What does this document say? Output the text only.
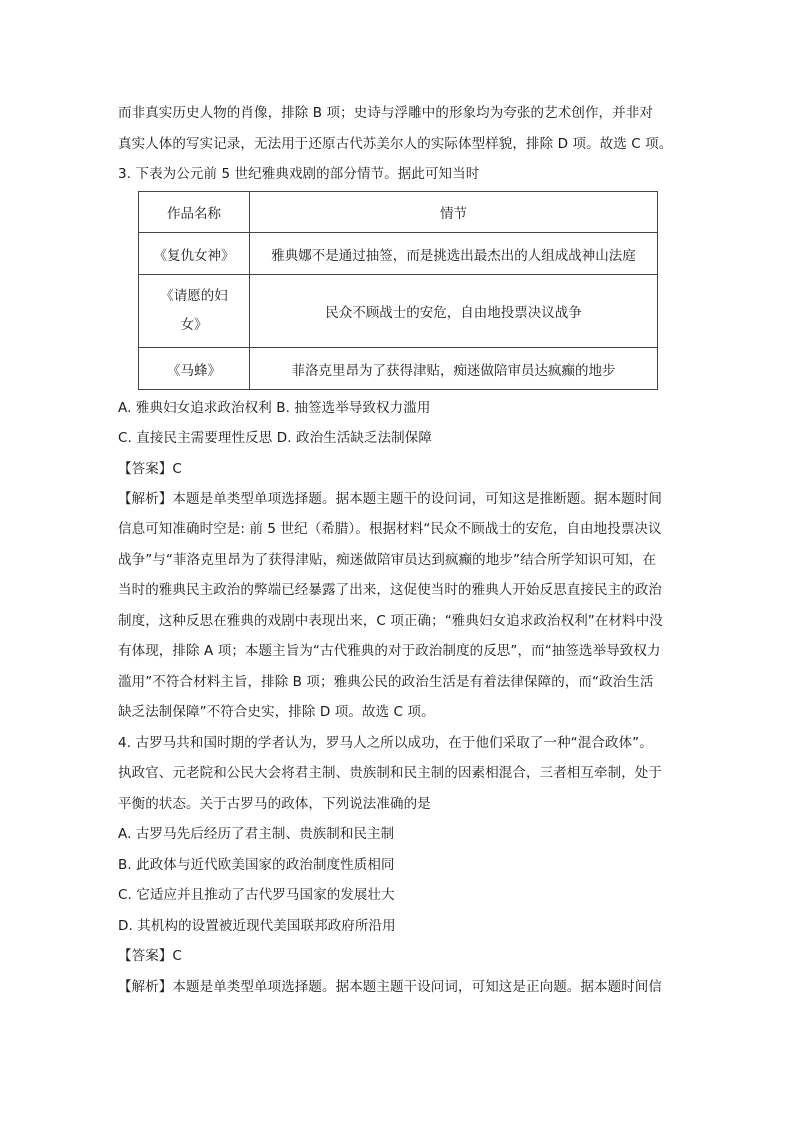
而非真实历史人物的肖像，排除 B 项；史诗与浮雕中的形象均为夸张的艺术创作，并非对
真实人体的写实记录，无法用于还原古代苏美尔人的实际体型样貌，排除 D 项。故选 C 项。
3. 下表为公元前 5 世纪雅典戏剧的部分情节。据此可知当时
作品名称	情节
《复仇女神》	雅典娜不是通过抽签，而是挑选出最杰出的人组成战神山法庭

《请愿的妇
女》	民众不顾战士的安危，自由地投票决议战争
《马蜂》	菲洛克里昂为了获得津贴，痴迷做陪审员达疯癫的地步
A. 雅典妇女追求政治权利 B. 抽签选举导致权力滥用
C. 直接民主需要理性反思 D. 政治生活缺乏法制保障
【答案】C
【解析】本题是单类型单项选择题。据本题主题干的设问词，可知这是推断题。据本题时间
信息可知准确时空是: 前 5 世纪（希腊）。根据材料“民众不顾战士的安危，自由地投票决议
战争”与“菲洛克里昂为了获得津贴，痴迷做陪审员达到疯癫的地步”结合所学知识可知，在
当时的雅典民主政治的弊端已经暴露了出来，这促使当时的雅典人开始反思直接民主的政治
制度，这种反思在雅典的戏剧中表现出来，C 项正确；“雅典妇女追求政治权利”在材料中没
有体现，排除 A 项；本题主旨为“古代雅典的对于政治制度的反思”，而“抽签选举导致权力
滥用”不符合材料主旨，排除 B 项；雅典公民的政治生活是有着法律保障的，而“政治生活
缺乏法制保障”不符合史实，排除 D 项。故选 C 项。
4. 古罗马共和国时期的学者认为，罗马人之所以成功，在于他们采取了一种“混合政体”。
执政官、元老院和公民大会将君主制、贵族制和民主制的因素相混合，三者相互牵制，处于
平衡的状态。关于古罗马的政体，下列说法准确的是
A. 古罗马先后经历了君主制、贵族制和民主制
B. 此政体与近代欧美国家的政治制度性质相同
C. 它适应并且推动了古代罗马国家的发展壮大
D. 其机构的设置被近现代美国联邦政府所沿用
【答案】C
【解析】本题是单类型单项选择题。据本题主题干设问词，可知这是正向题。据本题时间信
